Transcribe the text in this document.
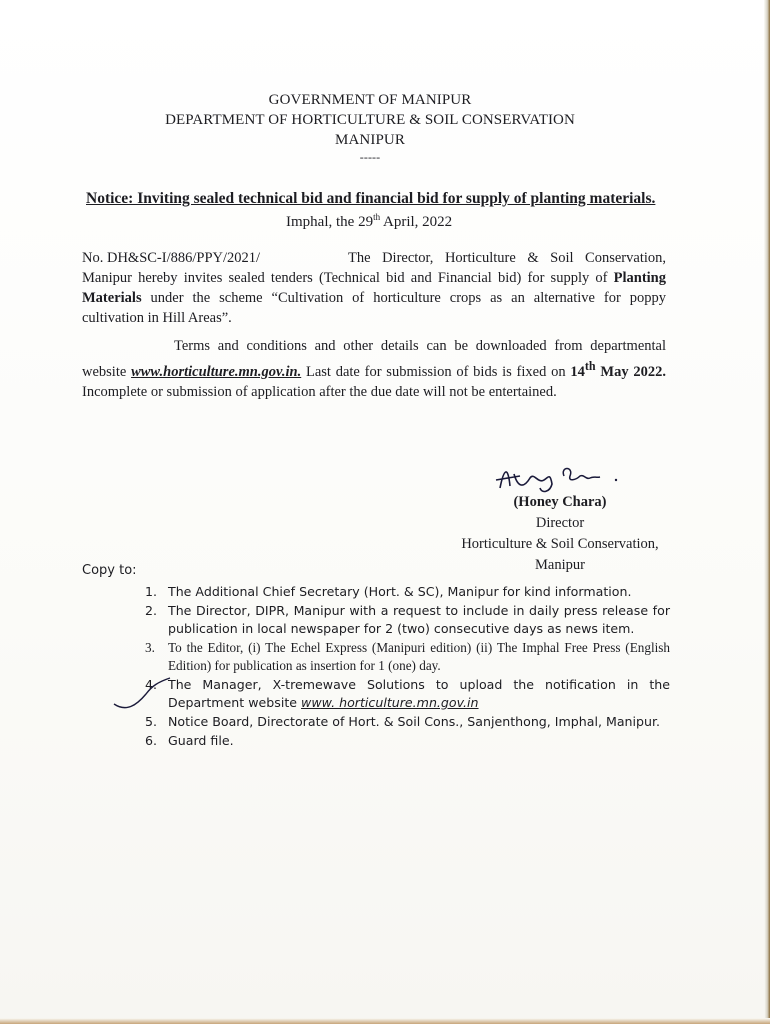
GOVERNMENT OF MANIPUR
DEPARTMENT OF HORTICULTURE & SOIL CONSERVATION
MANIPUR
-----
Notice: Inviting sealed technical bid and financial bid for supply of planting materials.
Imphal, the 29th April, 2022
No. DH&SC-I/886/PPY/2021/	The Director, Horticulture & Soil Conservation, Manipur hereby invites sealed tenders (Technical bid and Financial bid) for supply of Planting Materials under the scheme “Cultivation of horticulture crops as an alternative for poppy cultivation in Hill Areas”.
Terms and conditions and other details can be downloaded from departmental website www.horticulture.mn.gov.in. Last date for submission of bids is fixed on 14th May 2022. Incomplete or submission of application after the due date will not be entertained.
(Honey Chara)
Director
Horticulture & Soil Conservation,
Manipur
Copy to:
1. The Additional Chief Secretary (Hort. & SC), Manipur for kind information.
2. The Director, DIPR, Manipur with a request to include in daily press release for publication in local newspaper for 2 (two) consecutive days as news item.
3. To the Editor, (i) The Echel Express (Manipuri edition) (ii) The Imphal Free Press (English Edition) for publication as insertion for 1 (one) day.
4. The Manager, X-tremewave Solutions to upload the notification in the Department website www. horticulture.mn.gov.in
5. Notice Board, Directorate of Hort. & Soil Cons., Sanjenthong, Imphal, Manipur.
6. Guard file.
